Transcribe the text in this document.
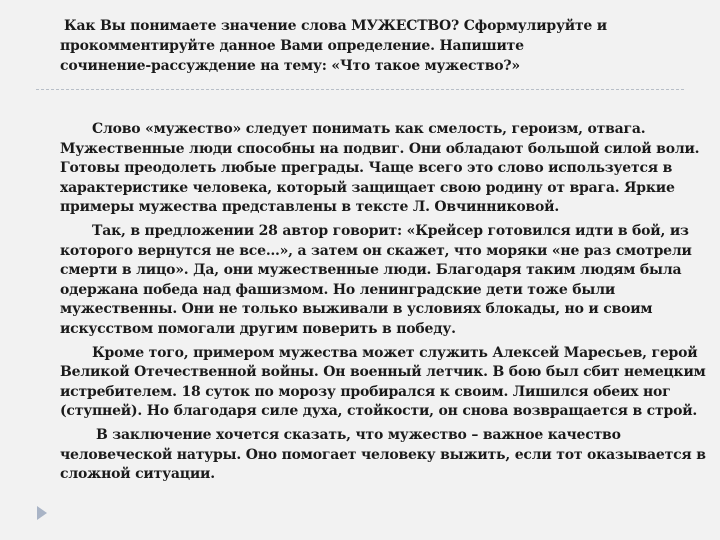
Как Вы понимаете значение слова МУЖЕСТВО? Сформулируйте и
прокомментируйте данное Вами определение. Напишите
сочинение-рассуждение на тему: «Что такое мужество?»
Слово «мужество» следует понимать как смелость, героизм, отвага.
Мужественные люди способны на подвиг. Они обладают большой силой воли.
Готовы преодолеть любые преграды. Чаще всего это слово используется в
характеристике человека, который защищает свою родину от врага. Яркие
примеры мужества представлены в тексте Л. Овчинниковой.
Так, в предложении 28 автор говорит: «Крейсер готовился идти в бой, из
которого вернутся не все…», а затем он скажет, что моряки «не раз смотрели
смерти в лицо». Да, они мужественные люди. Благодаря таким людям была
одержана победа над фашизмом. Но ленинградские дети тоже были
мужественны. Они не только выживали в условиях блокады, но и своим
искусством помогали другим поверить в победу.
Кроме того, примером мужества может служить Алексей Маресьев, герой
Великой Отечественной войны. Он военный летчик. В бою был сбит немецким
истребителем. 18 суток по морозу пробирался к своим. Лишился обеих ног
(ступней). Но благодаря силе духа, стойкости, он снова возвращается в строй.
В заключение хочется сказать, что мужество – важное качество
человеческой натуры. Оно помогает человеку выжить, если тот оказывается в
сложной ситуации.
